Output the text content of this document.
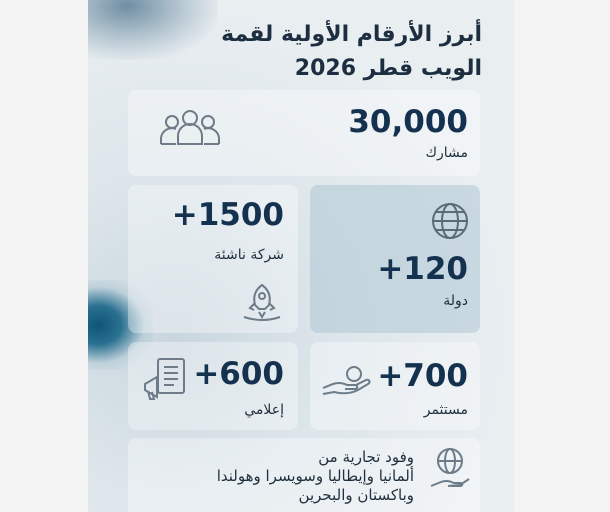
أبرز الأرقام الأولية لقمة
الويب قطر 2026
30,000
مشارك
+1500
شركة ناشئة	+120
دولة
+600
إعلامي
+700
مستثمر
وفود تجارية من
ألمانيا وإيطاليا وسويسرا وهولندا
وباكستان والبحرين
